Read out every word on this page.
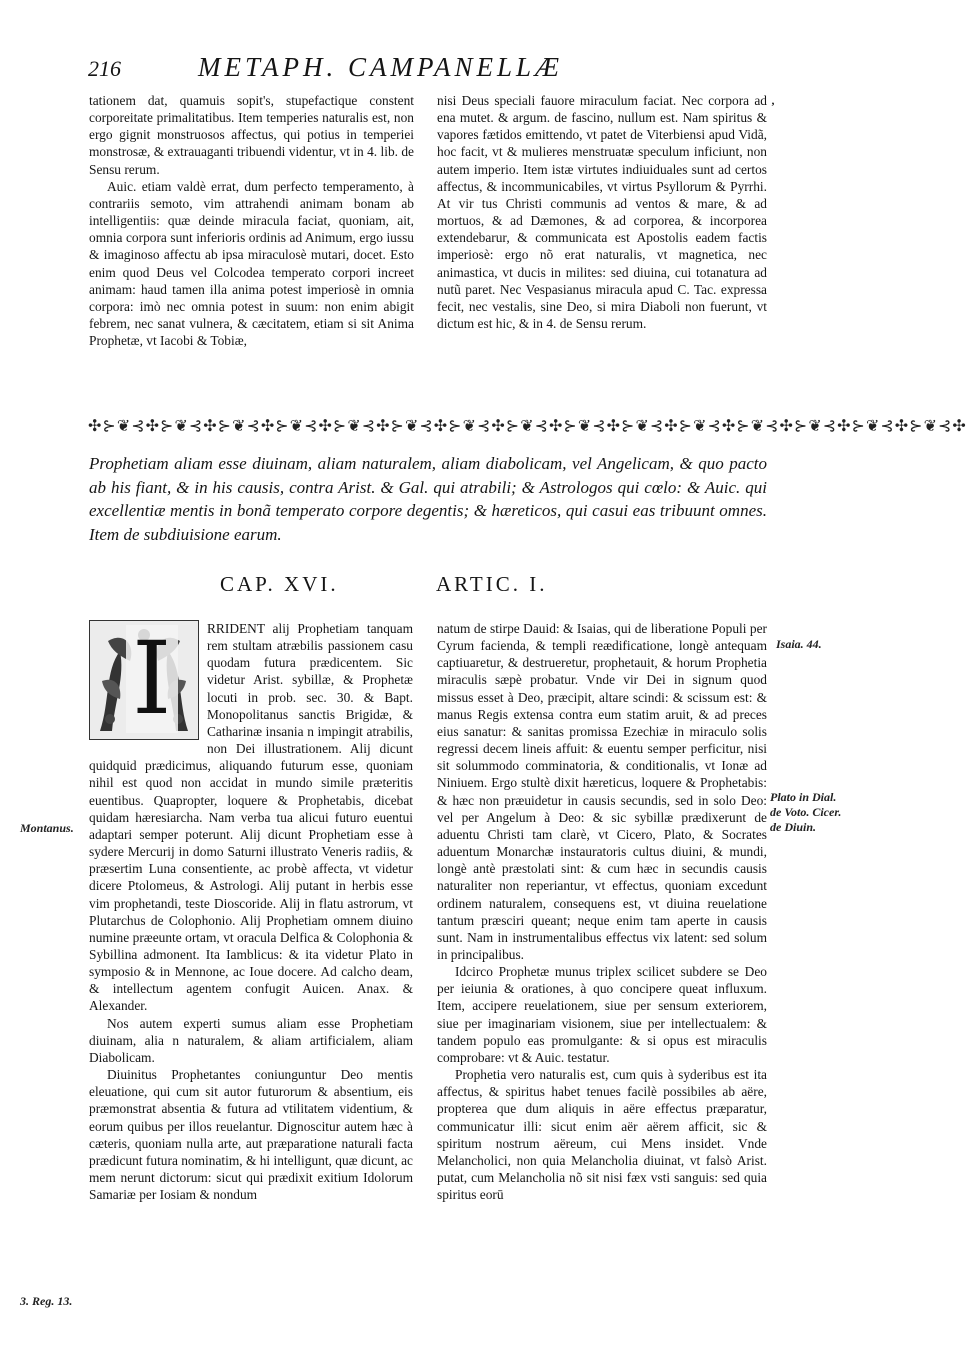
216	METAPH. CAMPANELLÆ
,

tationem dat, quamuis sopit's, stupefactique constent corporeitate primalitatibus. Item temperies naturalis est, non ergo gignit monstruosos affectus, qui potius in temperiei monstrosæ, & extrauaganti tribuendi videntur, vt in 4. lib. de Sensu rerum.

Auic. etiam valdè errat, dum perfecto temperamento, à contrariis semoto, vim attrahendi animam bonam ab intelligentiis: quæ deinde miracula faciat, quoniam, ait, omnia corpora sunt inferioris ordinis ad Animum, ergo iussu & imaginoso affectu ab ipsa miraculosè mutari, docet. Esto enim quod Deus vel Colcodea temperato corpori increet animam: haud tamen illa anima potest imperiosè in omnia corpora: imò nec omnia potest in suum: non enim abigit febrem, nec sanat vulnera, & cæcitatem, etiam si sit Anima Prophetæ, vt Iacobi & Tobiæ,

nisi Deus speciali fauore miraculum faciat. Nec corpora ad ena mutet. & argum. de fascino, nullum est. Nam spiritus & vapores fætidos emittendo, vt patet de Viterbiensi apud Vidã, hoc facit, vt & mulieres menstruatæ speculum inficiunt, non autem imperio. Item istæ virtutes indiuiduales sunt ad certos affectus, & incommunicabiles, vt virtus Psyllorum & Pyrrhi. At vir tus Christi communis ad ventos & mare, & ad mortuos, & ad Dæmones, & ad corporea, & incorporea extendebarur, & communicata est Apostolis eadem factis imperiosè: ergo nõ erat naturalis, vt magnetica, nec animastica, vt ducis in milites: sed diuina, cui totanatura ad nutũ paret. Nec Vespasianus miracula apud C. Tac. expressa fecit, nec vestalis, sine Deo, si mira Diaboli non fuerunt, vt dictum est hic, & in 4. de Sensu rerum.

✣⊱❦⊰✣⊱❦⊰✣⊱❦⊰✣⊱❦⊰✣⊱❦⊰✣⊱❦⊰✣⊱❦⊰✣⊱❦⊰✣⊱❦⊰✣⊱❦⊰✣⊱❦⊰✣⊱❦⊰✣⊱❦⊰✣⊱❦⊰✣⊱❦⊰✣
Prophetiam aliam esse diuinam, aliam naturalem, aliam diabolicam, vel Angelicam, & quo pacto ab his fiant, & in his causis, contra Arist. & Gal. qui atrabili; & Astrologos qui cœlo: & Auic. qui excellentiæ mentis in bonã temperato corpore degentis; & hæreticos, qui casui eas tribuunt omnes. Item de subdiuisione earum.
CAP. XVI.	ARTIC. I.
I	RRIDENT alij Prophetiam tanquam rem stultam atræbilis passionem casu quodam futura prædicentem. Sic videtur Arist. sybillæ, & Prophetæ locuti in prob. sec. 30. & Bapt. Monopolitanus sanctis Brigidæ, & Catharinæ insania n impingit atrabilis, non Dei illustrationem. Alij dicunt quidquid prædicimus, aliquando futurum esse, quoniam nihil est quod non accidat in mundo simile præteritis euentibus. Quapropter, loquere & Prophetabis, dicebat quidam hæresiarcha. Nam verba tua alicui futuro euentui adaptari semper poterunt. Alij dicunt Prophetiam esse à sydere Mercurij in domo Saturni illustrato Veneris radiis, & præsertim Luna consentiente, ac probè affecta, vt videtur dicere Ptolomeus, & Astrologi. Alij putant in herbis esse vim prophetandi, teste Dioscoride. Alij in flatu astrorum, vt Plutarchus de Colophonio. Alij Prophetiam omnem diuino numine præeunte ortam, vt oracula Delfica & Colophonia & Sybillina admonent. Ita Iamblicus: & ita videtur Plato in symposio & in Mennone, ac Ioue docere. Ad calcho deam, & intellectum agentem confugit Auicen. Anax. & Alexander.

Nos autem experti sumus aliam esse Prophetiam diuinam, alia n naturalem, & aliam artificialem, aliam Diabolicam.

Diuinitus Prophetantes coniunguntur Deo mentis eleuatione, qui cum sit autor futurorum & absentium, eis præmonstrat absentia & futura ad vtilitatem videntium, & eorum quibus per illos reuelantur. Dignoscitur autem hæc à cæteris, quoniam nulla arte, aut præparatione naturali facta prædicunt futura nominatim, & hi intelligunt, quæ dicunt, ac mem nerunt dictorum: sicut qui prædixit exitium Idolorum Samariæ per Iosiam & nondum

natum de stirpe Dauid: & Isaias, qui de liberatione Populi per Cyrum facienda, & templi reædificatione, longè antequam captiuaretur, & destrueretur, prophetauit, & horum Prophetia miraculis sæpè probatur. Vnde vir Dei in signum quod missus esset à Deo, præcipit, altare scindi: & scissum est: & manus Regis extensa contra eum statim aruit, & ad preces eius sanatur: & sanitas promissa Ezechiæ in miraculo solis regressi decem lineis affuit: & euentu semper perficitur, nisi sit solummodo comminatoria, & conditionalis, vt Ionæ ad Niniuem. Ergo stultè dixit hæreticus, loquere & Prophetabis: & hæc non præuidetur in causis secundis, sed in solo Deo: vel per Angelum à Deo: & sic sybillæ prædixerunt de aduentu Christi tam clarè, vt Cicero, Plato, & Socrates aduentum Monarchæ instauratoris cultus diuini, & mundi, longè antè præstolati sint: & cum hæc in secundis causis naturaliter non reperiantur, vt effectus, quoniam excedunt ordinem naturalem, consequens est, vt diuina reuelatione tantum præsciri queant; neque enim tam aperte in causis sunt. Nam in instrumentalibus effectus vix latent: sed solum in principalibus.

Idcirco Prophetæ munus triplex scilicet subdere se Deo per ieiunia & orationes, à quo concipere queat influxum. Item, accipere reuelationem, siue per sensum exteriorem, siue per imaginariam visionem, siue per intellectualem: & tandem populo eas promulgante: & si opus est miraculis comprobare: vt & Auic. testatur.

Prophetia vero naturalis est, cum quis à syderibus est ita affectus, & spiritus habet tenues facilè possibiles ab aëre, propterea que dum aliquis in aëre effectus præparatur, communicatur illi: sicut enim aër aërem afficit, sic & spiritum nostrum aëreum, cui Mens insidet. Vnde Melancholici, non quia Melancholia diuinat, vt falsò Arist. putat, cum Melancholia nõ sit nisi fæx vsti sanguis: sed quia spiritus eorū

Isaia. 44.
Plato in Dial. de Voto. Cicer. de Diuin.
Montanus.
3. Reg. 13.
